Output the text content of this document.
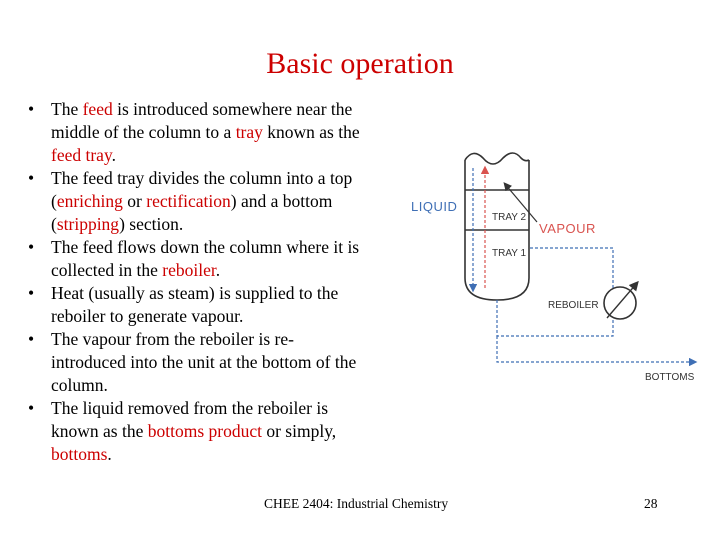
Basic operation
• The feed is introduced somewhere near the middle of the column to a tray known as the feed tray.
• The feed tray divides the column into a top (enriching or rectification) and a bottom (stripping) section.
• The feed flows down the column where it is collected in the reboiler.
• Heat (usually as steam) is supplied to the reboiler to generate vapour.
• The vapour from the reboiler is re-introduced into the unit at the bottom of the column.
• The liquid removed from the reboiler is known as the bottoms product or simply, bottoms.
LIQUID
TRAY 2
TRAY 1
VAPOUR
REBOILER
BOTTOMS
CHEE 2404: Industrial Chemistry	28
